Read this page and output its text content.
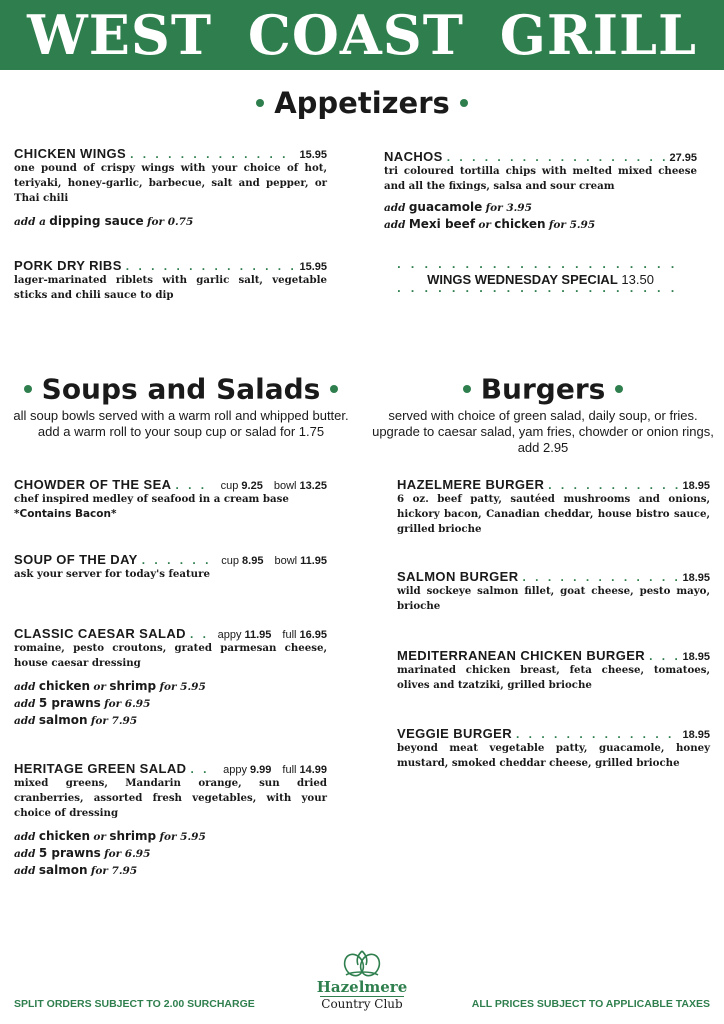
WEST COAST GRILL
Appetizers
CHICKEN WINGS . . .	15.95
one pound of crispy wings with your choice of hot, teriyaki, honey-garlic, barbecue, salt and pepper, or Thai chili
add a dipping sauce for 0.75
PORK DRY RIBS . . .	15.95
lager-marinated riblets with garlic salt, vegetable sticks and chili sauce to dip
NACHOS . . .	27.95
tri coloured tortilla chips with melted mixed cheese and all the fixings, salsa and sour cream
add guacamole for 3.95
add Mexi beef or chicken for 5.95
. . .
WINGS WEDNESDAY SPECIAL 13.50
. . .
Soups and Salads
all soup bowls served with a warm roll and whipped butter.
add a warm roll to your soup cup or salad for 1.75
Burgers
served with choice of green salad, daily soup, or fries.
upgrade to caesar salad, yam fries, chowder or onion rings,
add 2.95
CHOWDER OF THE SEA . . .	cup 9.25 bowl 13.25
chef inspired medley of seafood in a cream base
*Contains Bacon*
SOUP OF THE DAY . . .	cup 8.95 bowl 11.95
ask your server for today's feature
CLASSIC CAESAR SALAD . . .	appy 11.95 full 16.95
romaine, pesto croutons, grated parmesan cheese, house caesar dressing
add chicken or shrimp for 5.95
add 5 prawns for 6.95
add salmon for 7.95
HERITAGE GREEN SALAD . . .	appy 9.99 full 14.99
mixed greens, Mandarin orange, sun dried cranberries, assorted fresh vegetables, with your choice of dressing
add chicken or shrimp for 5.95
add 5 prawns for 6.95
add salmon for 7.95
HAZELMERE BURGER . . .	18.95
6 oz. beef patty, sautéed mushrooms and onions, hickory bacon, Canadian cheddar, house bistro sauce, grilled brioche
SALMON BURGER . . .	18.95
wild sockeye salmon fillet, goat cheese, pesto mayo, brioche
MEDITERRANEAN CHICKEN BURGER . . .	18.95
marinated chicken breast, feta cheese, tomatoes, olives and tzatziki, grilled brioche
VEGGIE BURGER . . .	18.95
beyond meat vegetable patty, guacamole, honey mustard, smoked cheddar cheese, grilled brioche
SPLIT ORDERS SUBJECT TO 2.00 SURCHARGE	ALL PRICES SUBJECT TO APPLICABLE TAXES
Hazelmere
Country Club
